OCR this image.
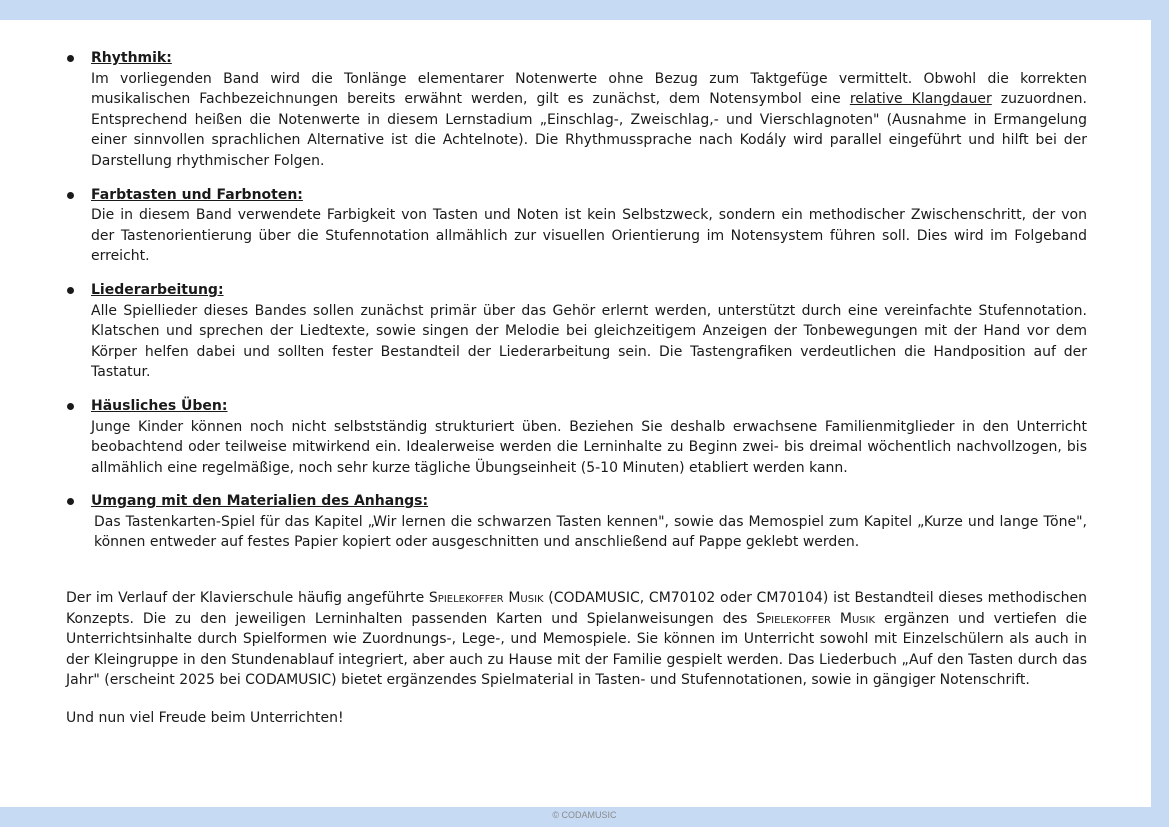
Rhythmik:
Im vorliegenden Band wird die Tonlänge elementarer Notenwerte ohne Bezug zum Taktgefüge vermittelt. Obwohl die korrekten musikalischen Fachbezeichnungen bereits erwähnt werden, gilt es zunächst, dem Notensymbol eine relative Klangdauer zuzuordnen. Entsprechend heißen die Notenwerte in diesem Lernstadium „Einschlag-, Zweischlag,- und Vierschlagnoten" (Ausnahme in Ermangelung einer sinnvollen sprachlichen Alternative ist die Achtelnote). Die Rhythmussprache nach Kodály wird parallel eingeführt und hilft bei der Darstellung rhythmischer Folgen.
Farbtasten und Farbnoten:
Die in diesem Band verwendete Farbigkeit von Tasten und Noten ist kein Selbstzweck, sondern ein methodischer Zwischenschritt, der von der Tastenorientierung über die Stufennotation allmählich zur visuellen Orientierung im Notensystem führen soll. Dies wird im Folgeband erreicht.
Liederarbeitung:
Alle Spiellieder dieses Bandes sollen zunächst primär über das Gehör erlernt werden, unterstützt durch eine vereinfachte Stufennotation. Klatschen und sprechen der Liedtexte, sowie singen der Melodie bei gleichzeitigem Anzeigen der Tonbewegungen mit der Hand vor dem Körper helfen dabei und sollten fester Bestandteil der Liederarbeitung sein. Die Tastengrafiken verdeutlichen die Handposition auf der Tastatur.
Häusliches Üben:
Junge Kinder können noch nicht selbstständig strukturiert üben. Beziehen Sie deshalb erwachsene Familienmitglieder in den Unterricht beobachtend oder teilweise mitwirkend ein. Idealerweise werden die Lerninhalte zu Beginn zwei- bis dreimal wöchentlich nachvollzogen, bis allmählich eine regelmäßige, noch sehr kurze tägliche Übungseinheit (5-10 Minuten) etabliert werden kann.
Umgang mit den Materialien des Anhangs:
Das Tastenkarten-Spiel für das Kapitel „Wir lernen die schwarzen Tasten kennen", sowie das Memospiel zum Kapitel „Kurze und lange Töne", können entweder auf festes Papier kopiert oder ausgeschnitten und anschließend auf Pappe geklebt werden.

Der im Verlauf der Klavierschule häufig angeführte Spielekoffer Musik (CODAMUSIC, CM70102 oder CM70104) ist Bestandteil dieses methodischen Konzepts. Die zu den jeweiligen Lerninhalten passenden Karten und Spielanweisungen des Spielekoffer Musik ergänzen und vertiefen die Unterrichtsinhalte durch Spielformen wie Zuordnungs-, Lege-, und Memospiele. Sie können im Unterricht sowohl mit Einzelschülern als auch in der Kleingruppe in den Stundenablauf integriert, aber auch zu Hause mit der Familie gespielt werden. Das Liederbuch „Auf den Tasten durch das Jahr" (erscheint 2025 bei CODAMUSIC) bietet ergänzendes Spielmaterial in Tasten- und Stufennotationen, sowie in gängiger Notenschrift.

Und nun viel Freude beim Unterrichten!

© CODAMUSIC
